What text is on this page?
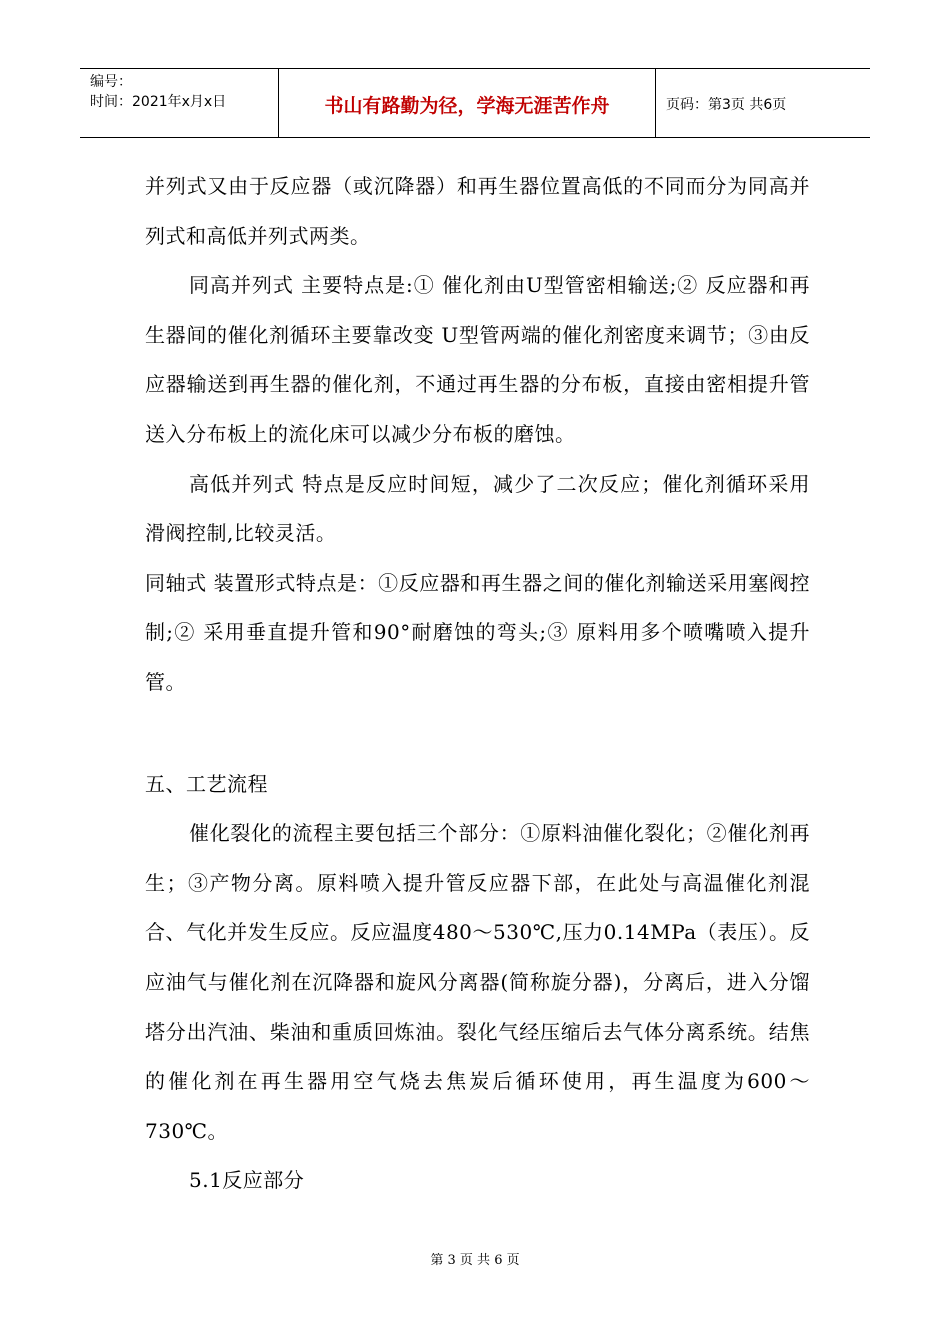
编号：
时间：2021年x月x日	书山有路勤为径，学海无涯苦作舟	页码：第3页 共6页

并列式又由于反应器（或沉降器）和再生器位置高低的不同而分为同高并列式和高低并列式两类。

同高并列式 主要特点是:① 催化剂由U型管密相输送;② 反应器和再生器间的催化剂循环主要靠改变 U型管两端的催化剂密度来调节；③由反应器输送到再生器的催化剂，不通过再生器的分布板，直接由密相提升管送入分布板上的流化床可以减少分布板的磨蚀。

高低并列式 特点是反应时间短，减少了二次反应；催化剂循环采用滑阀控制,比较灵活。

同轴式 装置形式特点是：①反应器和再生器之间的催化剂输送采用塞阀控制;② 采用垂直提升管和90°耐磨蚀的弯头;③ 原料用多个喷嘴喷入提升管。

五、工艺流程

催化裂化的流程主要包括三个部分：①原料油催化裂化；②催化剂再生；③产物分离。原料喷入提升管反应器下部，在此处与高温催化剂混合、气化并发生反应。反应温度480～530℃,压力0.14MPa（表压）。反应油气与催化剂在沉降器和旋风分离器(简称旋分器)，分离后，进入分馏塔分出汽油、柴油和重质回炼油。裂化气经压缩后去气体分离系统。结焦的催化剂在再生器用空气烧去焦炭后循环使用，再生温度为600～730℃。

5.1反应部分

第 3 页 共 6 页
